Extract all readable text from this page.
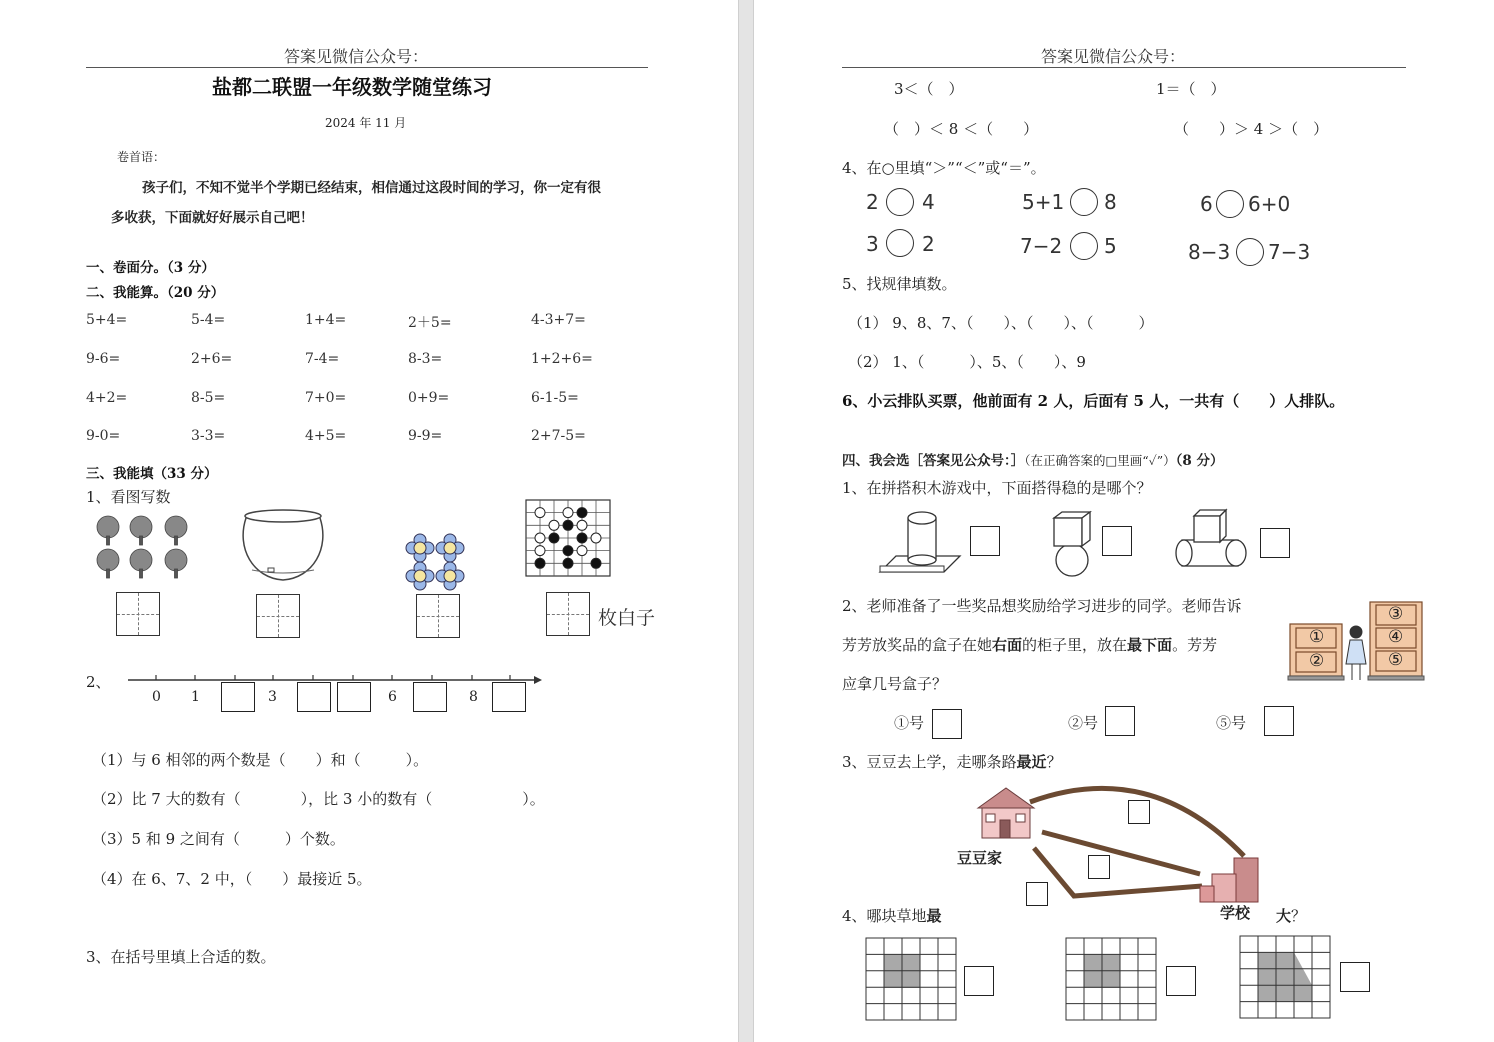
答案见微信公众号：
盐都二联盟一年级数学随堂练习
2024 年 11 月
卷首语：
孩子们，不知不觉半个学期已经结束，相信通过这段时间的学习，你一定有很
多收获，下面就好好展示自己吧！
一、卷面分。（3 分）
二、我能算。（20 分）
5+4=	5-4=	1+4=	2＋5=	4-3+7=
9-6=	2+6=	7-4=	8-3=	1+2+6=
4+2=	8-5=	7+0=	0+9=	6-1-5=
9-0=	3-3=	4+5=	9-9=	2+7-5=
三、我能填（33 分）
1、看图写数
枚白子
2、
0 1	3	6	8
（1）与 6 相邻的两个数是（　　）和（　　　）。
（2）比 7 大的数有（　　　　），比 3 小的数有（　　　　　　）。
（3）5 和 9 之间有（　　　）个数。
（4）在 6、7、2 中，（　　）最接近 5。
3、在括号里填上合适的数。
答案见微信公众号：
3＜（　）	1＝（　）
（　）＜ 8 ＜（　　）	（　　）＞ 4 ＞（　）
4、在○里填“＞”“＜”或“＝”。
2 4	5+1 8	6 6+0
3 2	7−2 5	8−3 7−3
5、找规律填数。
（1） 9、8、7、（　　）、（　　）、（　　　）
（2） 1、（　　　）、5、（　　）、9
6、小云排队买票，他前面有 2 人，后面有 5 人，一共有（　　）人排队。
四、我会选［答案见公众号：］（在正确答案的□里画“✓”）（8 分）
1、在拼搭积木游戏中，下面搭得稳的是哪个？
2、老师准备了一些奖品想奖励给学习进步的同学。老师告诉
芳芳放奖品的盒子在她右面的柜子里，放在最下面。芳芳
应拿几号盒子？
①
②
③
④
⑤
①号	②号	⑤号
3、豆豆去上学，走哪条路最近？
豆豆家
学校
4、哪块草地最	大？
